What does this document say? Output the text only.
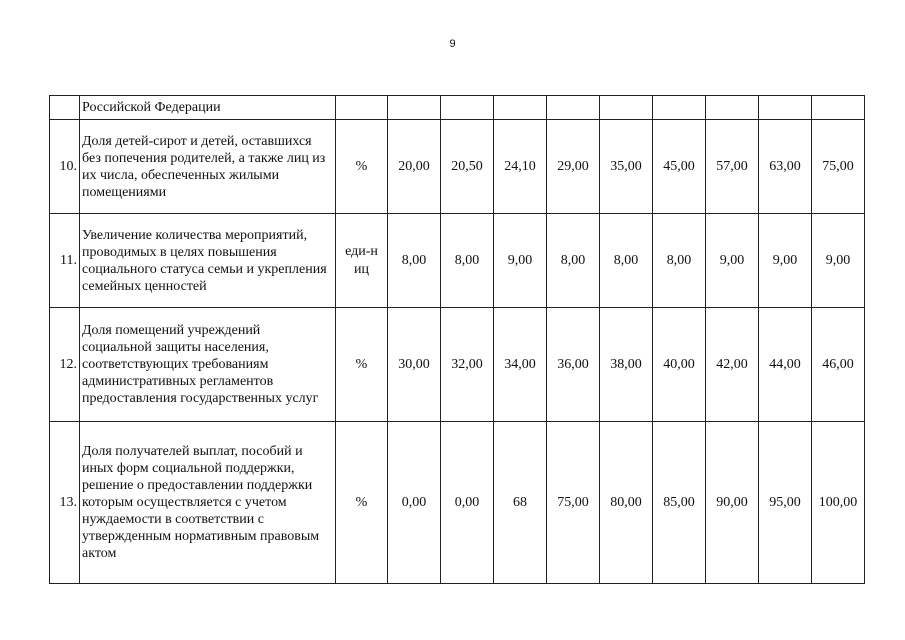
9
	Российской Федерации										
10.	Доля детей-сирот и детей, оставшихся без попечения родителей, а также лиц из их числа, обеспеченных жилыми помещениями	%	20,00	20,50	24,10	29,00	35,00	45,00	57,00	63,00	75,00
11.	Увеличение количества мероприятий, проводимых в целях повышения социального статуса семьи и укрепления семейных ценностей	еди-ниц	8,00	8,00	9,00	8,00	8,00	8,00	9,00	9,00	9,00
12.	Доля помещений учреждений социальной защиты населения, соответствующих требованиям административных регламентов предоставления государственных услуг	%	30,00	32,00	34,00	36,00	38,00	40,00	42,00	44,00	46,00
13.	Доля получателей выплат, пособий и иных форм социальной поддержки, решение о предоставлении поддержки которым осуществляется с учетом нуждаемости в соответствии с утвержденным нормативным правовым актом	%	0,00	0,00	68	75,00	80,00	85,00	90,00	95,00	100,00
